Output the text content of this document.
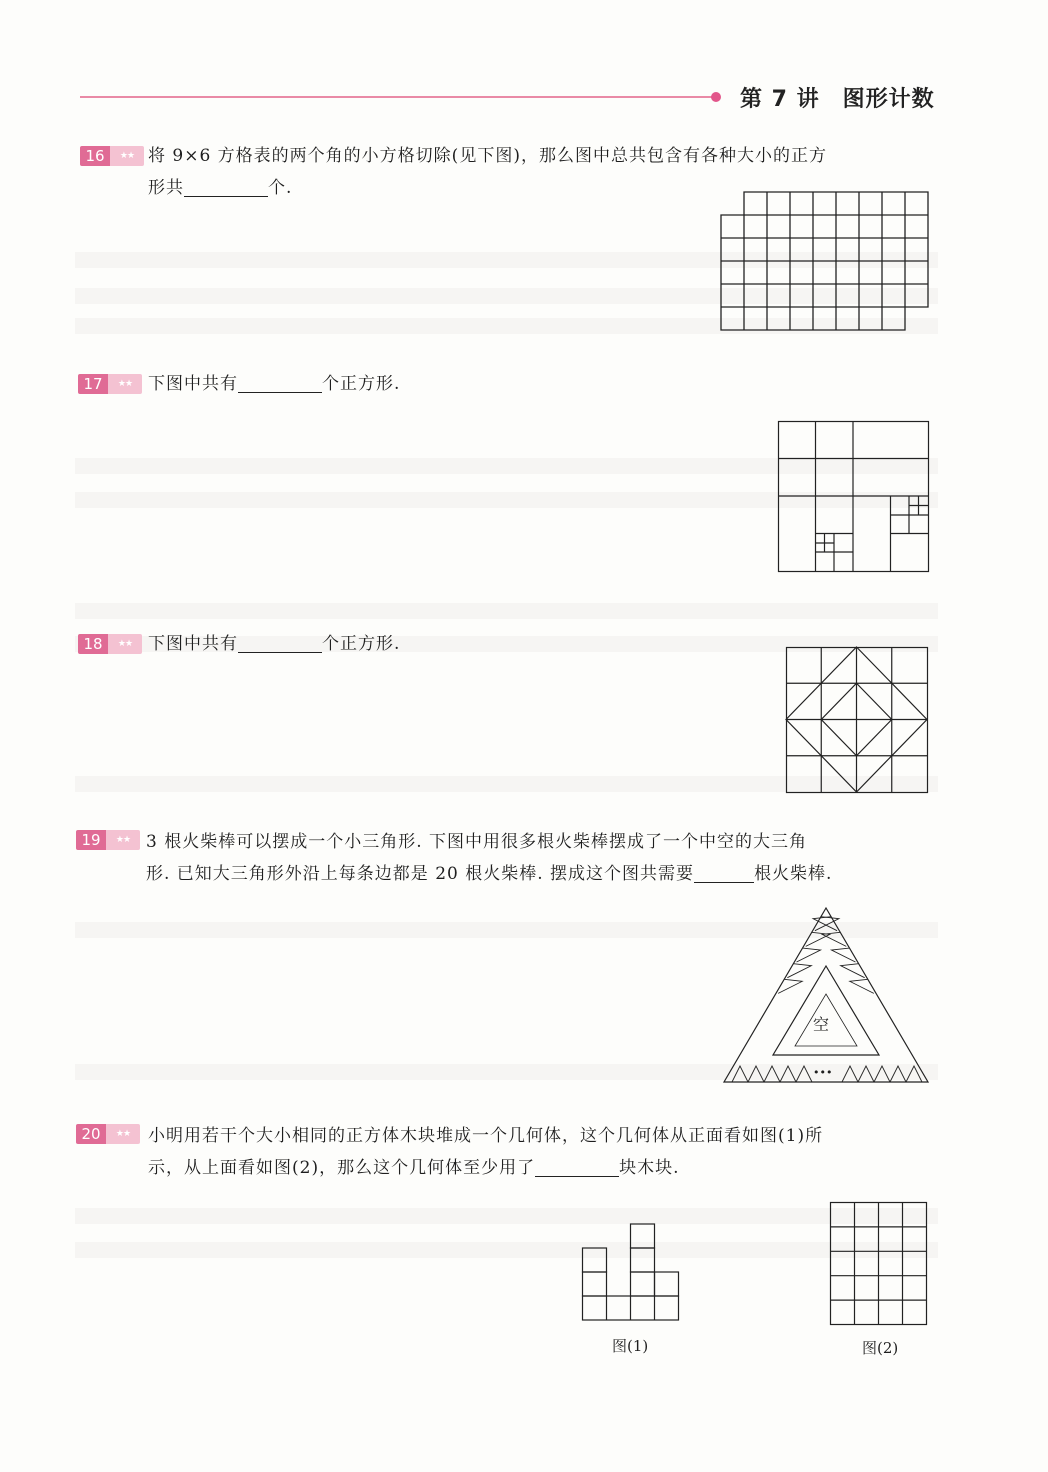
第 7 讲　图形计数
16	★★ 将 9×6 方格表的两个角的小方格切除(见下图)，那么图中总共包含有各种大小的正方
形共	个.
17	★★ 下图中共有	个正方形.
18	★★ 下图中共有	个正方形.
19	★★ 3 根火柴棒可以摆成一个小三角形. 下图中用很多根火柴棒摆成了一个中空的大三角
形. 已知大三角形外沿上每条边都是 20 根火柴棒. 摆成这个图共需要	根火柴棒.
空
•••
20	★★	小明用若干个大小相同的正方体木块堆成一个几何体，这个几何体从正面看如图(1)所
示，从上面看如图(2)，那么这个几何体至少用了	块木块.
图(1)	图(2)
